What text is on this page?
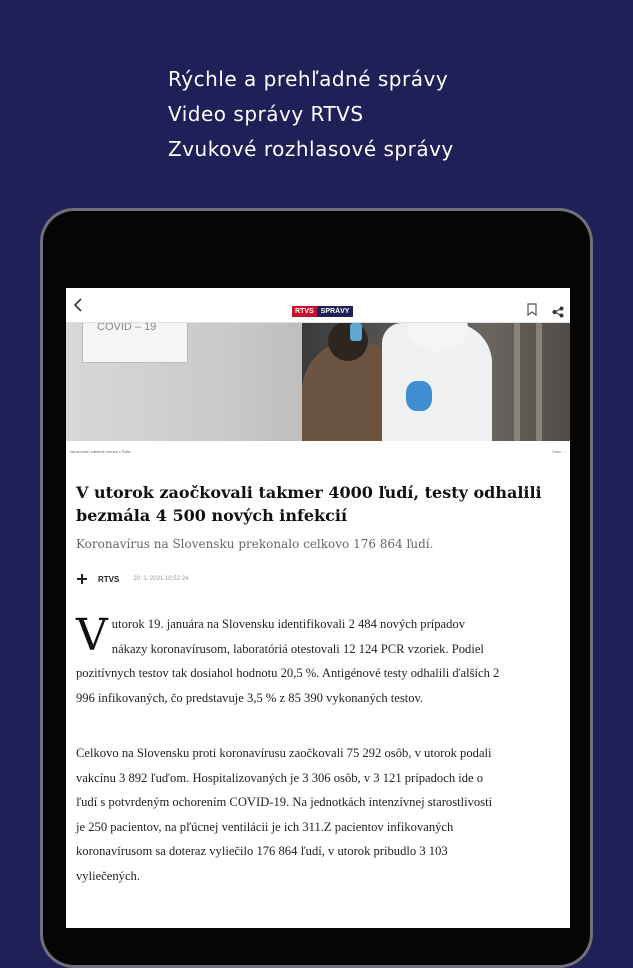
Rýchle a prehľadné správy
Video správy RTVS
Zvukové rozhlasové správy
RTVS	SPRÁVY
COVID – 19
Na snímke odberné miesto v Šaľe.	Foto: ...
V utorok zaočkovali takmer 4000 ľudí, testy odhalili bezmála 4 500 nových infekcií
Koronavírus na Slovensku prekonalo celkovo 176 864 ľudí.
RTVS 20. 1. 2021 10:52:24
V utorok 19. januára na Slovensku identifikovali 2 484 nových prípadov nákazy koronavírusom, laboratóriá otestovali 12 124 PCR vzoriek. Podiel pozitívnych testov tak dosiahol hodnotu 20,5 %. Antigénové testy odhalili ďalších 2 996 infikovaných, čo predstavuje 3,5 % z 85 390 vykonaných testov.
Celkovo na Slovensku proti koronavírusu zaočkovali 75 292 osôb, v utorok podali vakcínu 3 892 ľuďom. Hospitalizovaných je 3 306 osôb, v 3 121 prípadoch ide o ľudí s potvrdeným ochorením COVID-19. Na jednotkách intenzívnej starostlivosti je 250 pacientov, na pľúcnej ventilácii je ich 311.Z pacientov infikovaných koronavírusom sa doteraz vyliečilo 176 864 ľudí, v utorok pribudlo 3 103 vyliečených.
